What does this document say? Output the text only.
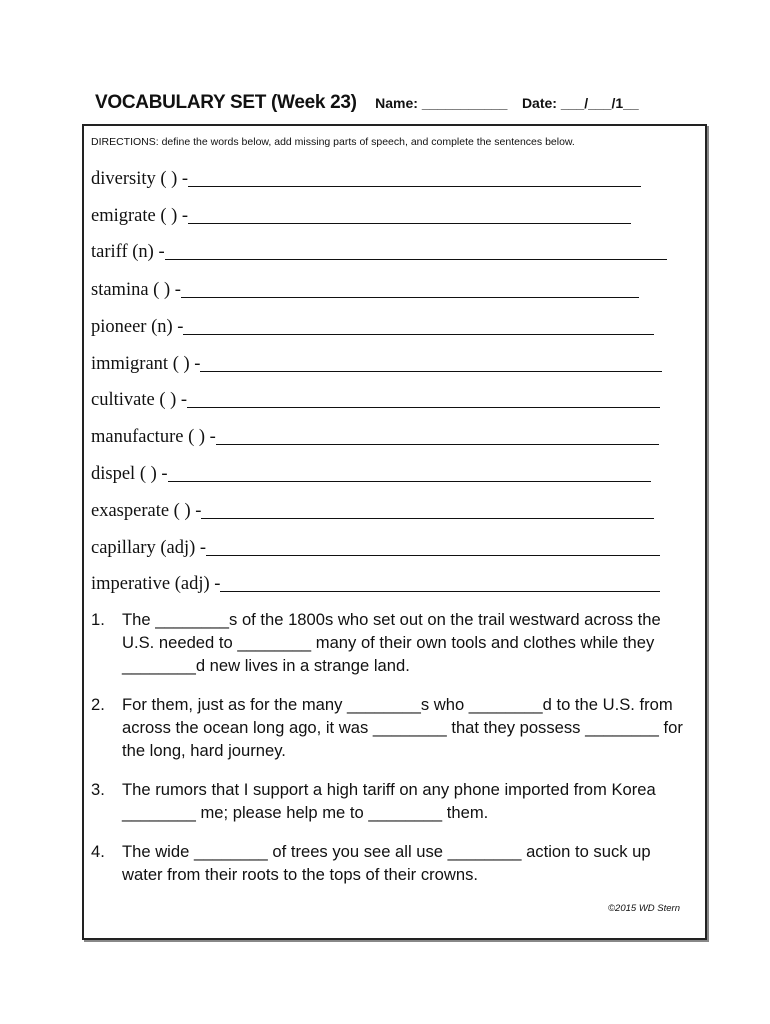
VOCABULARY SET (Week 23) Name: ___________ Date: ___/___/1__
DIRECTIONS: define the words below, add missing parts of speech, and complete the sentences below.
diversity ( ) -
emigrate ( ) -
tariff (n) -
stamina ( ) -
pioneer (n) -
immigrant ( ) -
cultivate ( ) -
manufacture ( ) -
dispel ( ) -
exasperate ( ) -
capillary (adj) -
imperative (adj) -
1.	The ________s of the 1800s who set out on the trail westward across the U.S. needed to ________ many of their own tools and clothes while they ________d new lives in a strange land.
2.	For them, just as for the many ________s who ________d to the U.S. from across the ocean long ago, it was ________ that they possess ________ for the long, hard journey.
3.	The rumors that I support a high tariff on any phone imported from Korea ________ me; please help me to ________ them.
4.	The wide ________ of trees you see all use ________ action to suck up water from their roots to the tops of their crowns.
©2015 WD Stern
